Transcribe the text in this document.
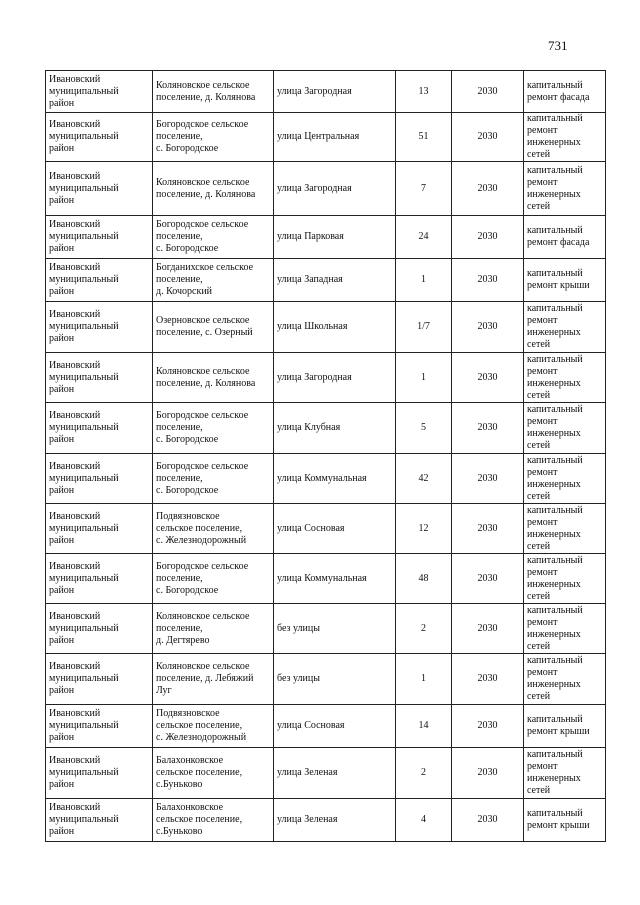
731
Ивановский
муниципальный
район	Коляновское сельское
поселение, д. Колянова	улица Загородная	13	2030	капитальный
ремонт фасада

Ивановский
муниципальный
район	Богородское сельское
поселение,
с. Богородское	улица Центральная	51	2030	капитальный
ремонт
инженерных
сетей

Ивановский
муниципальный
район	Коляновское сельское
поселение, д. Колянова	улица Загородная	7	2030	капитальный
ремонт
инженерных
сетей

Ивановский
муниципальный
район	Богородское сельское
поселение,
с. Богородское	улица Парковая	24	2030	капитальный
ремонт фасада

Ивановский
муниципальный
район	Богданихское сельское
поселение,
д. Кочорский	улица Западная	1	2030	капитальный
ремонт крыши

Ивановский
муниципальный
район	Озерновское сельское
поселение, с. Озерный	улица Школьная	1/7	2030	капитальный
ремонт
инженерных
сетей

Ивановский
муниципальный
район	Коляновское сельское
поселение, д. Колянова	улица Загородная	1	2030	капитальный
ремонт
инженерных
сетей

Ивановский
муниципальный
район	Богородское сельское
поселение,
с. Богородское	улица Клубная	5	2030	капитальный
ремонт
инженерных
сетей

Ивановский
муниципальный
район	Богородское сельское
поселение,
с. Богородское	улица Коммунальная	42	2030	капитальный
ремонт
инженерных
сетей

Ивановский
муниципальный
район	Подвязновское
сельское поселение,
с. Железнодорожный	улица Сосновая	12	2030	капитальный
ремонт
инженерных
сетей

Ивановский
муниципальный
район	Богородское сельское
поселение,
с. Богородское	улица Коммунальная	48	2030	капитальный
ремонт
инженерных
сетей

Ивановский
муниципальный
район	Коляновское сельское
поселение,
д. Дегтярево	без улицы	2	2030	капитальный
ремонт
инженерных
сетей

Ивановский
муниципальный
район	Коляновское сельское
поселение, д. Лебяжий
Луг	без улицы	1	2030	капитальный
ремонт
инженерных
сетей

Ивановский
муниципальный
район	Подвязновское
сельское поселение,
с. Железнодорожный	улица Сосновая	14	2030	капитальный
ремонт крыши

Ивановский
муниципальный
район	Балахонковское
сельское поселение,
с.Буньково	улица Зеленая	2	2030	капитальный
ремонт
инженерных
сетей

Ивановский
муниципальный
район	Балахонковское
сельское поселение,
с.Буньково	улица Зеленая	4	2030	капитальный
ремонт крыши
